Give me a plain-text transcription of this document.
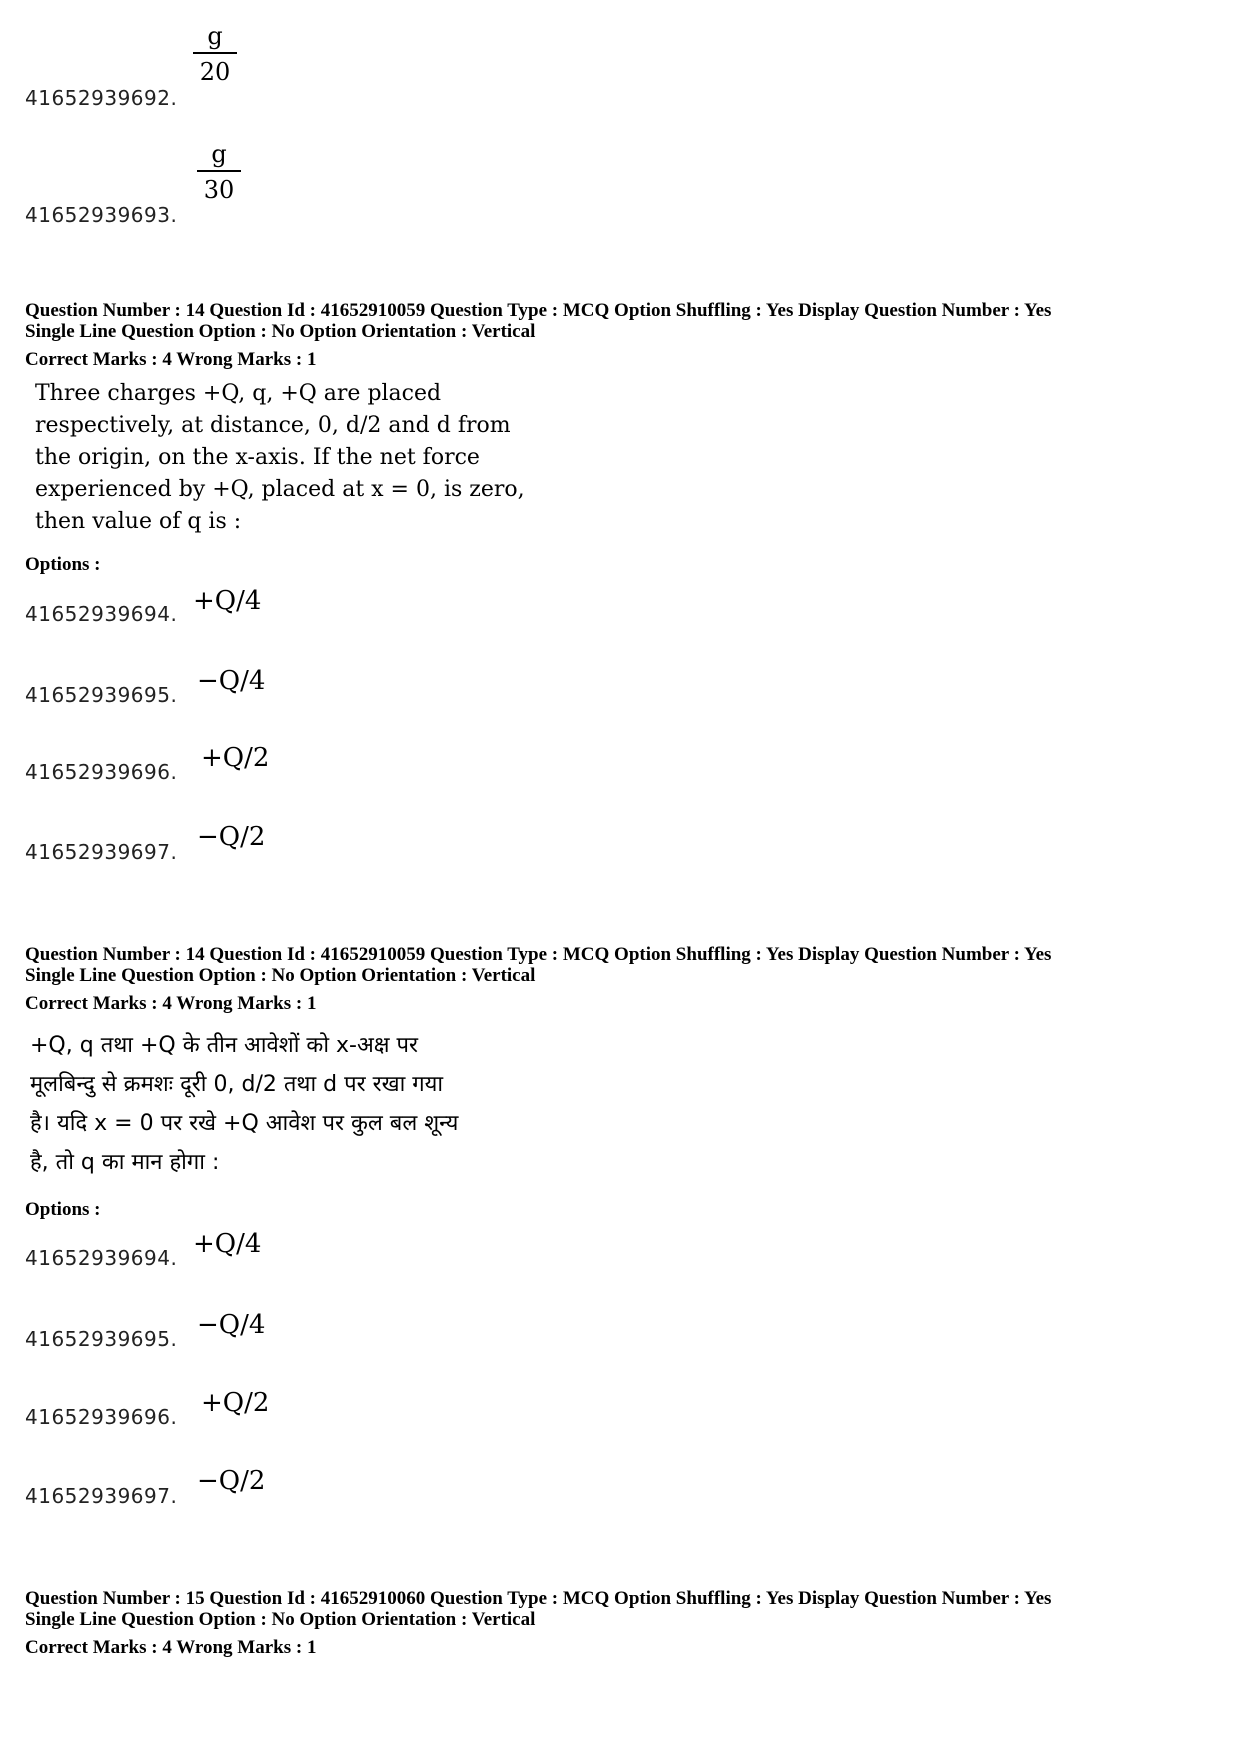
g
20
41652939692.
g
30
41652939693.
Question Number : 14 Question Id : 41652910059 Question Type : MCQ Option Shuffling : Yes Display Question Number : Yes
Single Line Question Option : No Option Orientation : Vertical
Correct Marks : 4 Wrong Marks : 1
Three charges +Q, q, +Q are placed
respectively, at distance, 0, d/2 and d from
the origin, on the x-axis. If the net force
experienced by +Q, placed at x = 0, is zero,
then value of q is :
Options :
41652939694. +Q/4
41652939695. −Q/4
41652939696. +Q/2
41652939697. −Q/2
Question Number : 14 Question Id : 41652910059 Question Type : MCQ Option Shuffling : Yes Display Question Number : Yes
Single Line Question Option : No Option Orientation : Vertical
Correct Marks : 4 Wrong Marks : 1
+Q, q तथा +Q के तीन आवेशों को x-अक्ष पर
मूलबिन्दु से क्रमशः दूरी 0, d/2 तथा d पर रखा गया
है। यदि x = 0 पर रखे +Q आवेश पर कुल बल शून्य
है, तो q का मान होगा :
Options :
41652939694. +Q/4
41652939695. −Q/4
41652939696. +Q/2
41652939697. −Q/2
Question Number : 15 Question Id : 41652910060 Question Type : MCQ Option Shuffling : Yes Display Question Number : Yes
Single Line Question Option : No Option Orientation : Vertical
Correct Marks : 4 Wrong Marks : 1
